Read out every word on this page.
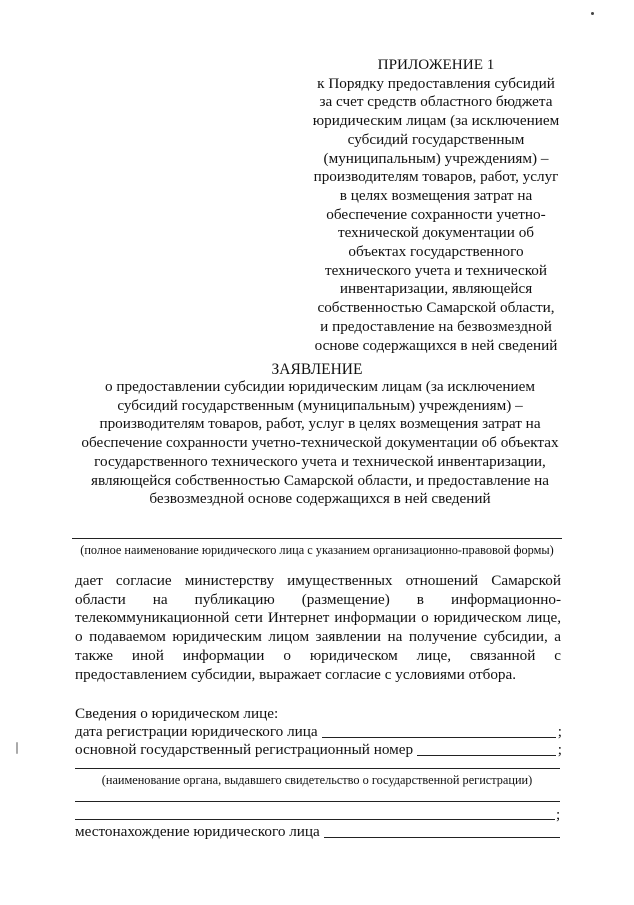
ПРИЛОЖЕНИЕ 1
к Порядку предоставления субсидий
за счет средств областного бюджета
юридическим лицам (за исключением
субсидий государственным
(муниципальным) учреждениям) –
производителям товаров, работ, услуг
в целях возмещения затрат на
обеспечение сохранности учетно-
технической документации об
объектах государственного
технического учета и технической
инвентаризации, являющейся
собственностью Самарской области,
и предоставление на безвозмездной
основе содержащихся в ней сведений
ЗАЯВЛЕНИЕ
о предоставлении субсидии юридическим лицам (за исключением
субсидий государственным (муниципальным) учреждениям) –
производителям товаров, работ, услуг в целях возмещения затрат на
обеспечение сохранности учетно-технической документации об объектах
государственного технического учета и технической инвентаризации,
являющейся собственностью Самарской области, и предоставление на
безвозмездной основе содержащихся в ней сведений
(полное наименование юридического лица с указанием организационно-правовой формы)
дает согласие министерству имущественных отношений Самарской
области на публикацию (размещение) в информационно-
телекоммуникационной сети Интернет информации о юридическом лице,
о подаваемом юридическим лицом заявлении на получение субсидии, а
также иной информации о юридическом лице, связанной с
предоставлением субсидии, выражает согласие с условиями отбора.
Сведения о юридическом лице:
дата регистрации юридического лица	;
основной государственный регистрационный номер	;
(наименование органа, выдавшего свидетельство о государственной регистрации)
;
местонахождение юридического лица
